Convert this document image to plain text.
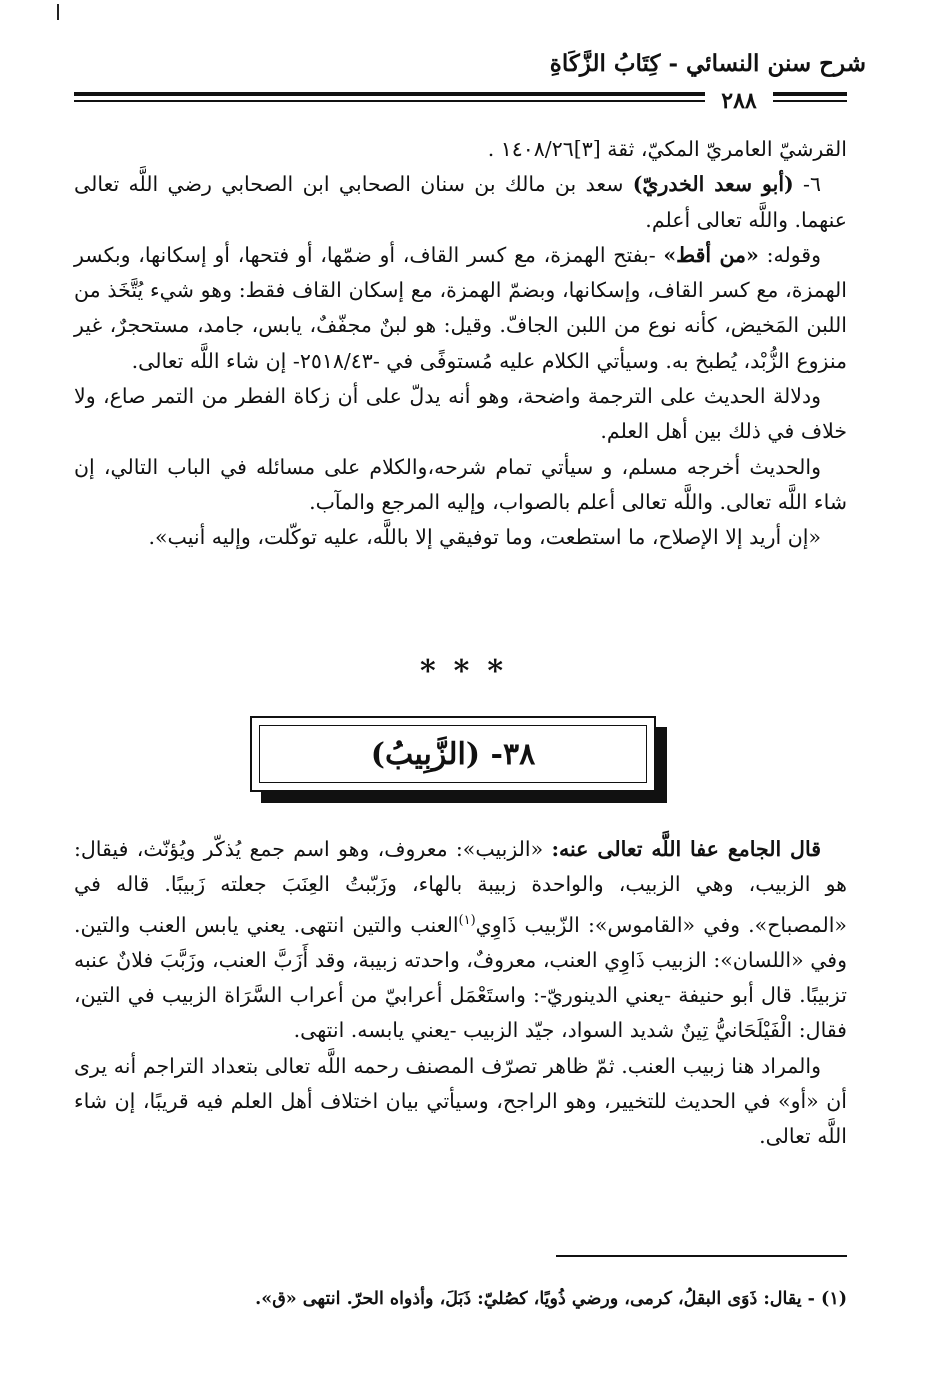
شرح سنن النسائي - كِتَابُ الزَّكَاةِ
٢٨٨

القرشيّ العامريّ المكيّ، ثقة [٣]١٤٠٨/٢٦ .

٦- (أبو سعد الخدريّ) سعد بن مالك بن سنان الصحابي ابن الصحابي رضي اللَّه تعالى عنهما. واللَّه تعالى أعلم.

وقوله: «من أقط» -بفتح الهمزة، مع كسر القاف، أو ضمّها، أو فتحها، أو إسكانها، وبكسر الهمزة، مع كسر القاف، وإسكانها، وبضمّ الهمزة، مع إسكان القاف فقط: وهو شيء يُتَّخَذ من اللبن المَخيض، كأنه نوع من اللبن الجافّ. وقيل: هو لبنٌ مجفّفٌ، يابس، جامد، مستحجرٌ، غير منزوع الزُّبْد، يُطبخ به. وسيأتي الكلام عليه مُستوفًى في -٢٥١٨/٤٣- إن شاء اللَّه تعالى.

ودلالة الحديث على الترجمة واضحة، وهو أنه يدلّ على أن زكاة الفطر من التمر صاع، ولا خلاف في ذلك بين أهل العلم.

والحديث أخرجه مسلم، و سيأتي تمام شرحه،والكلام على مسائله في الباب التالي، إن شاء اللَّه تعالى. واللَّه تعالى أعلم بالصواب، وإليه المرجع والمآب.

«إن أريد إلا الإصلاح، ما استطعت، وما توفيقي إلا باللَّه، عليه توكّلت، وإليه أنيب».

***
٣٨- (الزَّبِيبُ)

قال الجامع عفا اللَّه تعالى عنه: «الزبيب»: معروف، وهو اسم جمع يُذكّر ويُؤنّث، فيقال: هو الزبيب، وهي الزبيب، والواحدة زبيبة بالهاء، وزَبّبتُ العِنَبَ جعلته زَبيبًا. قاله في «المصباح». وفي «القاموس»: الزّبيب ذَاوِي$^{(١)}$العنب والتين انتهى. يعني يابس العنب والتين. وفي «اللسان»: الزبيب ذَاوِي العنب، معروفٌ، واحدته زبيبة، وقد أَزَبَّ العنب، وزَبَّبَ فلانٌ عنبه تزبيبًا. قال أبو حنيفة -يعني الدينوريّ-: واستَعْمَل أعرابيّ من أعراب السَّرَاة الزبيب في التين، فقال: الْفَيْلَحَانيُّ تِينٌ شديد السواد، جيّد الزبيب -يعني يابسه. انتهى.

والمراد هنا زبيب العنب. ثمّ ظاهر تصرّف المصنف رحمه اللَّه تعالى بتعداد التراجم أنه يرى أن «أو» في الحديث للتخيير، وهو الراجح، وسيأتي بيان اختلاف أهل العلم فيه قريبًا، إن شاء اللَّه تعالى.

(١) - يقال: ذَوَى البقلُ، كرمى، ورضي ذُويًا، كصُليّ: ذَبَلَ، وأذواه الحرّ. انتهى «ق».
